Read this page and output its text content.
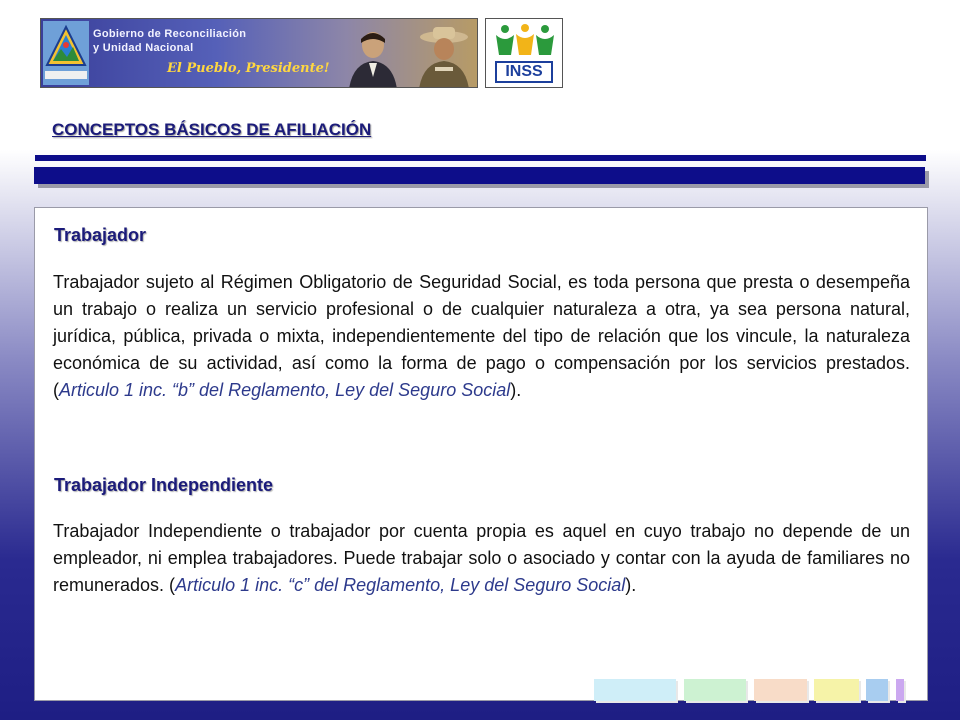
Gobierno de Reconciliación
y Unidad Nacional
El Pueblo, Presidente!	INSS
CONCEPTOS BÁSICOS DE AFILIACIÓN
Trabajador

Trabajador sujeto al Régimen Obligatorio de Seguridad Social, es toda persona que presta o desempeña un trabajo o realiza un servicio profesional o de cualquier naturaleza a otra, ya sea persona natural, jurídica, pública, privada o mixta, independientemente del tipo de relación que los vincule, la naturaleza económica de su actividad, así como la forma de pago o compensación por los servicios prestados. (Articulo 1 inc. “b” del Reglamento, Ley del Seguro Social).

Trabajador Independiente

Trabajador Independiente o trabajador por cuenta propia es aquel en cuyo trabajo no depende de un empleador, ni emplea trabajadores. Puede trabajar solo o asociado y contar con la ayuda de familiares no remunerados. (Articulo 1 inc. “c” del Reglamento, Ley del Seguro Social).
